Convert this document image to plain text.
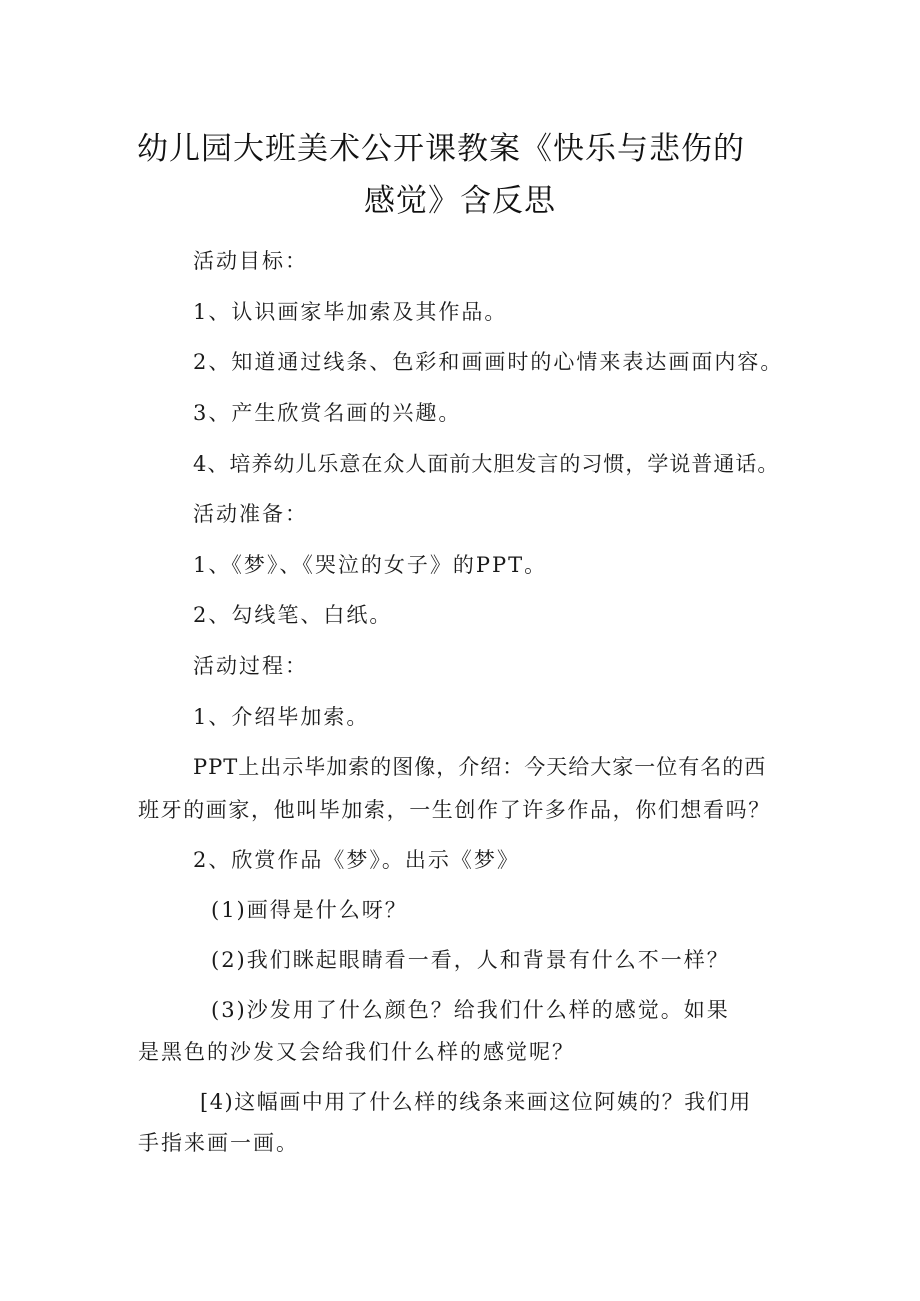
幼儿园大班美术公开课教案《快乐与悲伤的
感觉》含反思
活动目标：
1、认识画家毕加索及其作品。
2、知道通过线条、色彩和画画时的心情来表达画面内容。
3、产生欣赏名画的兴趣。
4、培养幼儿乐意在众人面前大胆发言的习惯，学说普通话。
活动准备：
1、《梦》、《哭泣的女子》的PPT。
2、勾线笔、白纸。
活动过程：
1、介绍毕加索。
PPT上出示毕加索的图像，介绍：今天给大家一位有名的西
班牙的画家，他叫毕加索，一生创作了许多作品，你们想看吗？
2、欣赏作品《梦》。出示《梦》
(1)画得是什么呀？
(2)我们眯起眼睛看一看，人和背景有什么不一样？
(3)沙发用了什么颜色？给我们什么样的感觉。如果
是黑色的沙发又会给我们什么样的感觉呢？
[4)这幅画中用了什么样的线条来画这位阿姨的？我们用
手指来画一画。
